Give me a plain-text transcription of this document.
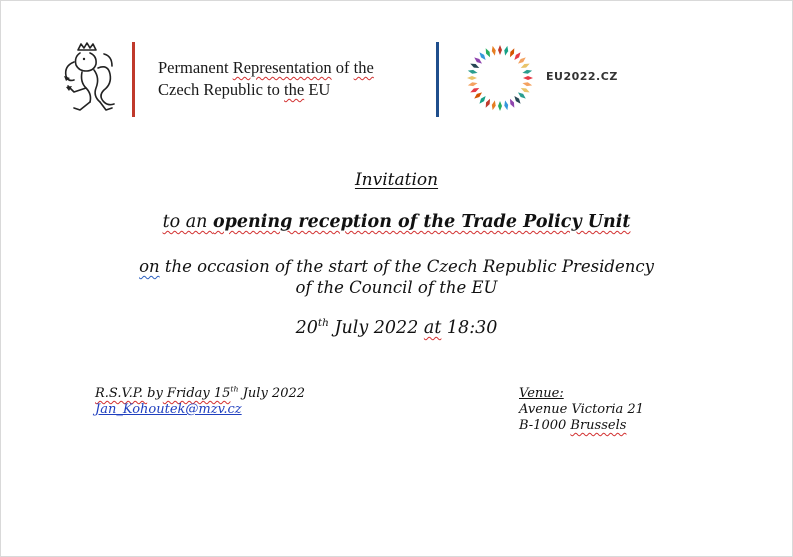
Permanent Representation of the
Czech Republic to the EU
EU2022.CZ
Invitation
to an opening reception of the Trade Policy Unit
on the occasion of the start of the Czech Republic Presidency
of the Council of the EU
20th July 2022 at 18:30
R.S.V.P. by Friday 15th July 2022
Jan_Kohoutek@mzv.cz
Venue:
Avenue Victoria 21
B-1000 Brussels
